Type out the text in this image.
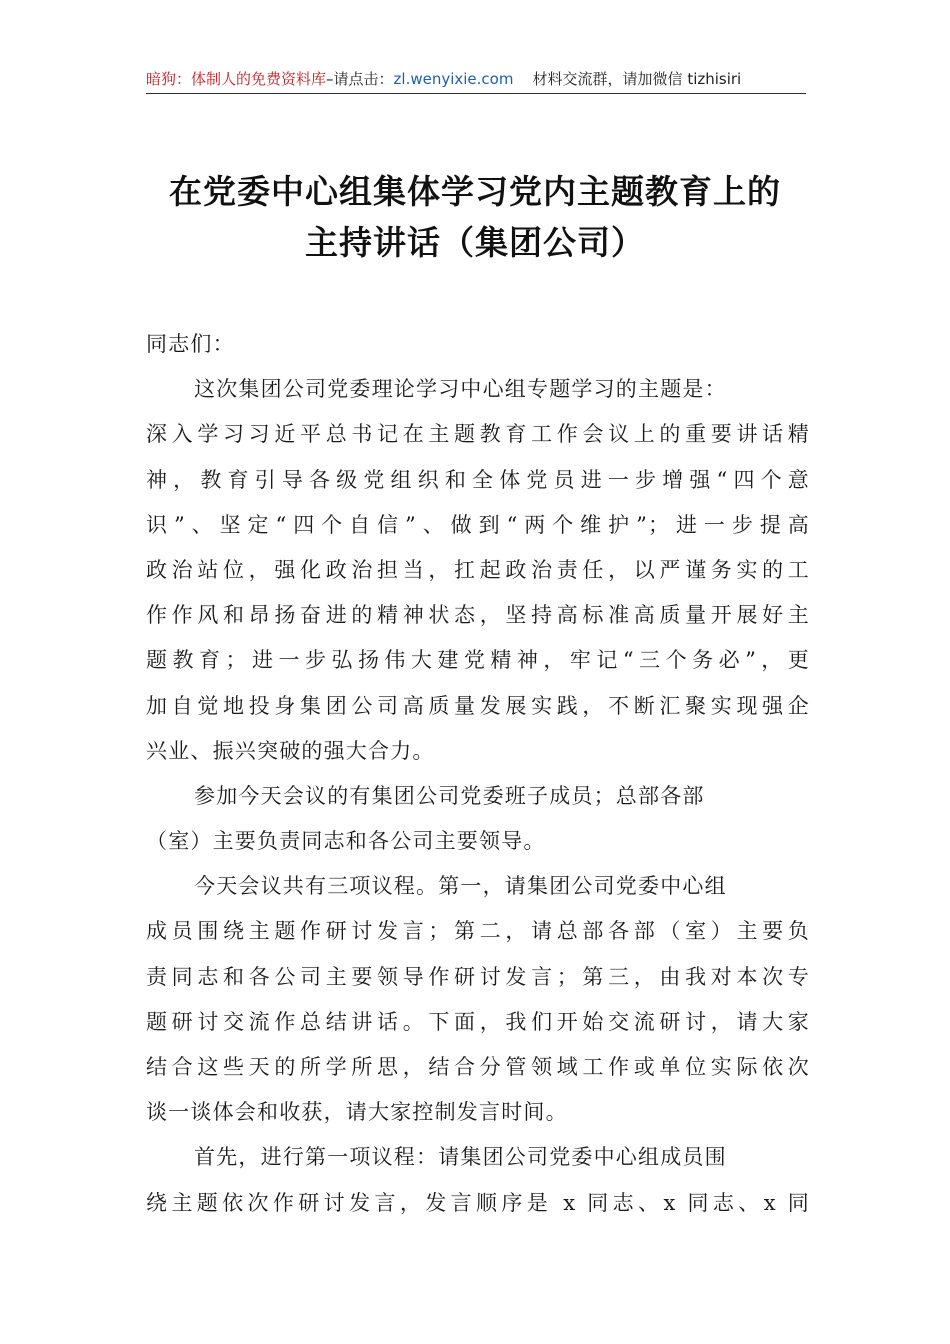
暗狗：体制人的免费资料库–请点击：zl.wenyixie.com 材料交流群，请加微信 tizhisiri
在党委中心组集体学习党内主题教育上的
主持讲话（集团公司）
同志们：
这次集团公司党委理论学习中心组专题学习的主题是：
深入学习习近平总书记在主题教育工作会议上的重要讲话精
神，教育引导各级党组织和全体党员进一步增强“四个意
识”、坚定“四个自信”、做到“两个维护”；进一步提高
政治站位，强化政治担当，扛起政治责任，以严谨务实的工
作作风和昂扬奋进的精神状态，坚持高标准高质量开展好主
题教育；进一步弘扬伟大建党精神，牢记“三个务必”，更
加自觉地投身集团公司高质量发展实践，不断汇聚实现强企
兴业、振兴突破的强大合力。
参加今天会议的有集团公司党委班子成员；总部各部
（室）主要负责同志和各公司主要领导。
今天会议共有三项议程。第一，请集团公司党委中心组
成员围绕主题作研讨发言；第二，请总部各部（室）主要负
责同志和各公司主要领导作研讨发言；第三，由我对本次专
题研讨交流作总结讲话。下面，我们开始交流研讨，请大家
结合这些天的所学所思，结合分管领域工作或单位实际依次
谈一谈体会和收获，请大家控制发言时间。
首先，进行第一项议程：请集团公司党委中心组成员围
绕主题依次作研讨发言，发言顺序是 x 同志、x 同志、x 同
